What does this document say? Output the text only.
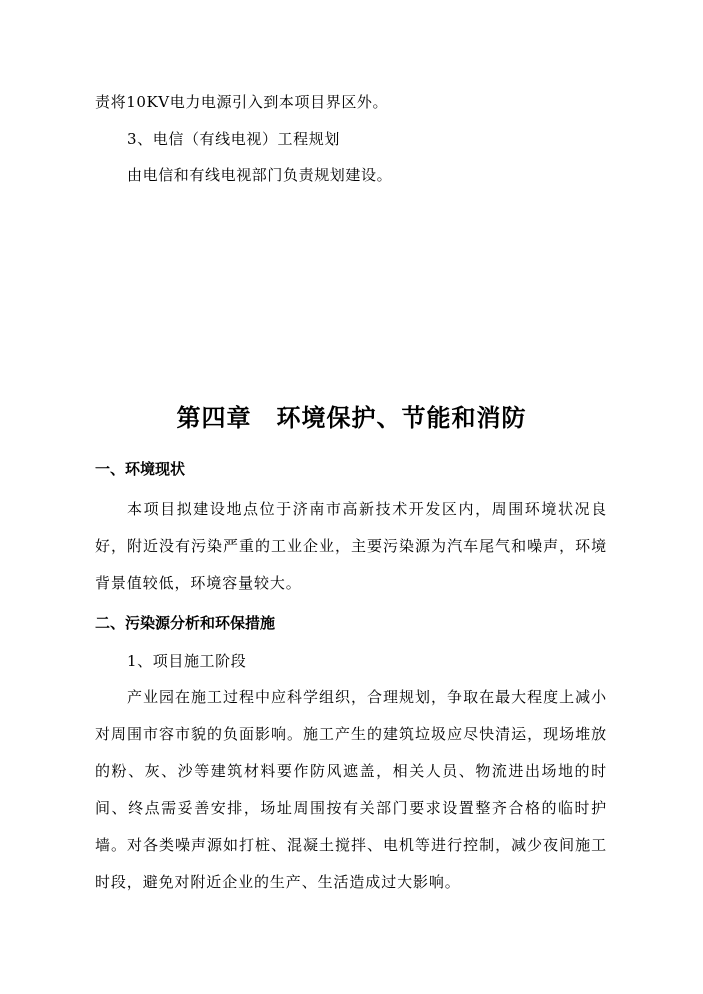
责将10KV电力电源引入到本项目界区外。
3、电信（有线电视）工程规划
由电信和有线电视部门负责规划建设。
第四章　环境保护、节能和消防
一、环境现状
本项目拟建设地点位于济南市高新技术开发区内，周围环境状况良好，附近没有污染严重的工业企业，主要污染源为汽车尾气和噪声，环境背景值较低，环境容量较大。
二、污染源分析和环保措施
1、项目施工阶段
产业园在施工过程中应科学组织，合理规划，争取在最大程度上减小对周围市容市貌的负面影响。施工产生的建筑垃圾应尽快清运，现场堆放的粉、灰、沙等建筑材料要作防风遮盖，相关人员、物流进出场地的时间、终点需妥善安排，场址周围按有关部门要求设置整齐合格的临时护墙。对各类噪声源如打桩、混凝土搅拌、电机等进行控制，减少夜间施工时段，避免对附近企业的生产、生活造成过大影响。
